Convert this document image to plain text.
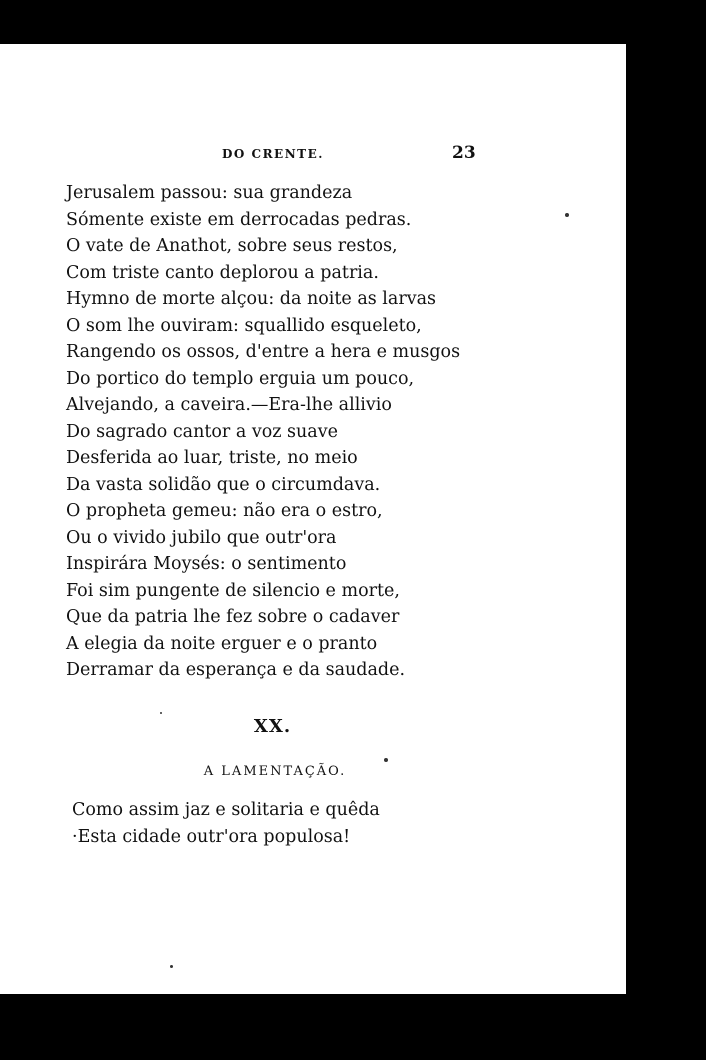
DO CRENTE.	23
Jerusalem passou: sua grandeza
Sómente existe em derrocadas pedras.
O vate de Anathot, sobre seus restos,
Com triste canto deplorou a patria.
Hymno de morte alçou: da noite as larvas
O som lhe ouviram: squallido esqueleto,
Rangendo os ossos, d'entre a hera e musgos
Do portico do templo erguia um pouco,
Alvejando, a caveira.—Era-lhe allivio
Do sagrado cantor a voz suave
Desferida ao luar, triste, no meio
Da vasta solidão que o circumdava.
O propheta gemeu: não era o estro,
Ou o vivido jubilo que outr'ora
Inspirára Moysés: o sentimento
Foi sim pungente de silencio e morte,
Que da patria lhe fez sobre o cadaver
A elegia da noite erguer e o pranto
Derramar da esperança e da saudade.
XX.
A LAMENTAÇÃO.
Como assim jaz e solitaria e quêda
·Esta cidade outr'ora populosa!
